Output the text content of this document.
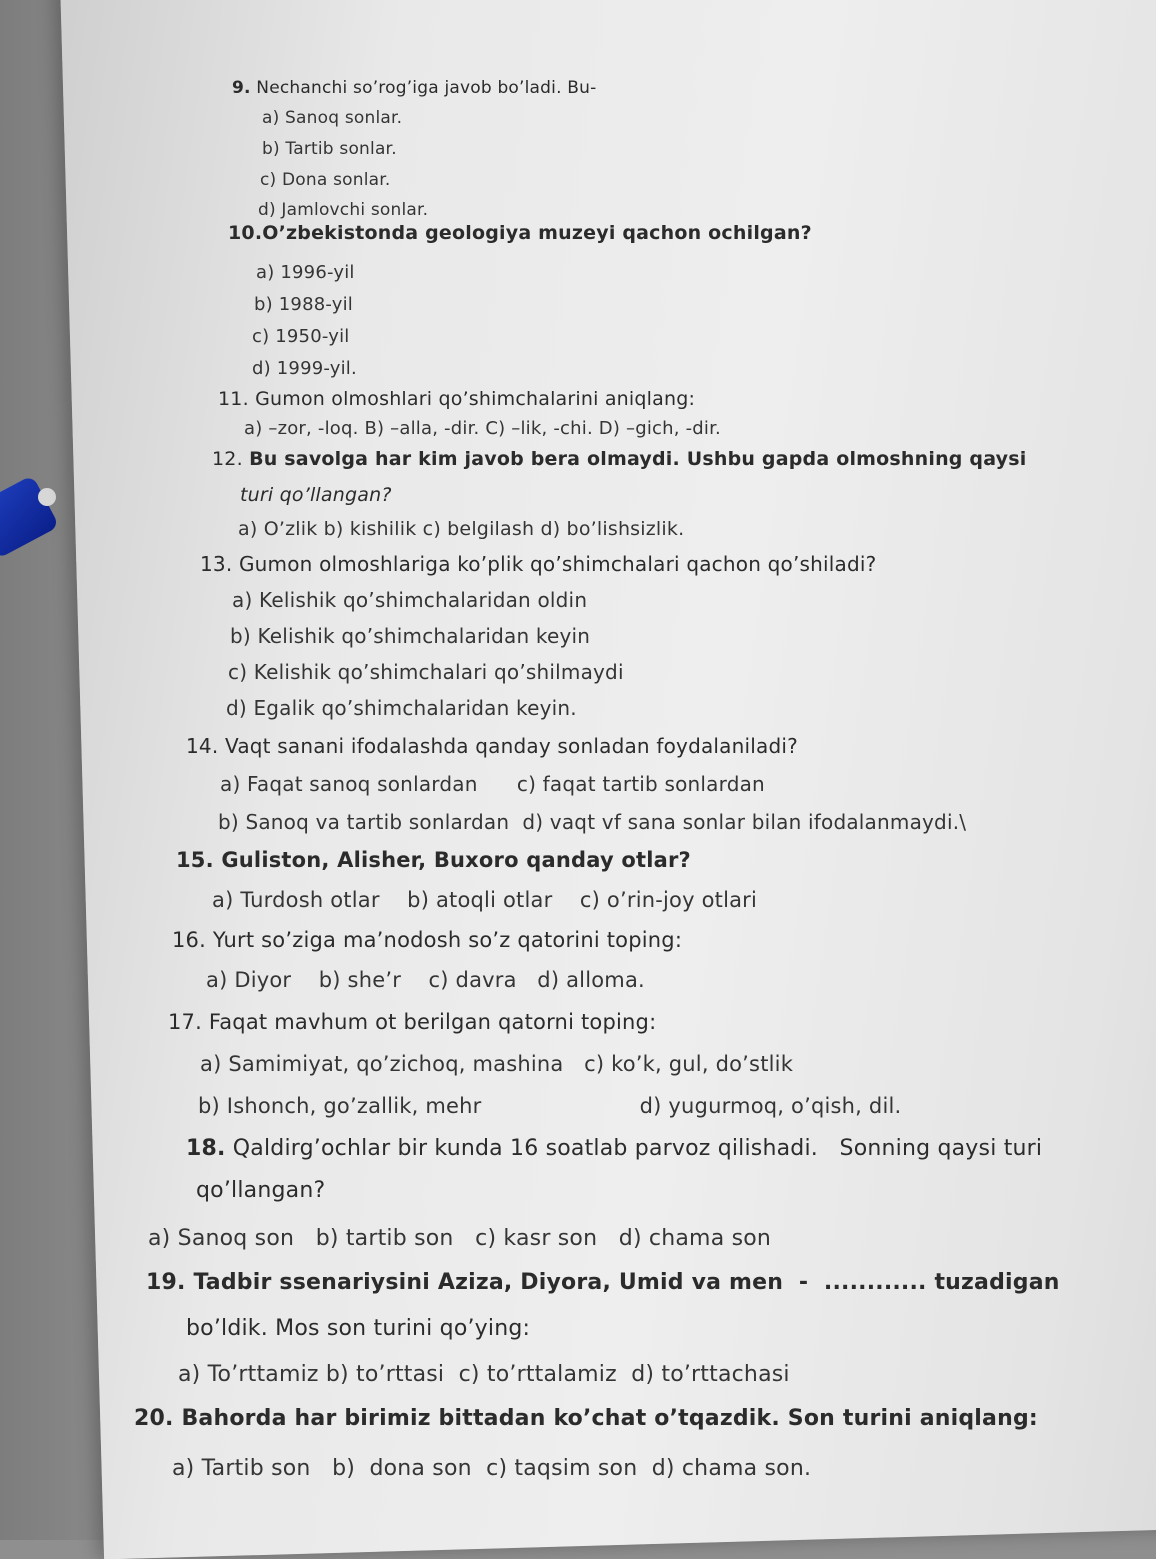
9. Nechanchi so’rog’iga javob bo’ladi. Bu-
a) Sanoq sonlar.
b) Tartib sonlar.
c) Dona sonlar.
d) Jamlovchi sonlar.
10.O’zbekistonda geologiya muzeyi qachon ochilgan?
a) 1996-yil
b) 1988-yil
c) 1950-yil
d) 1999-yil.
11. Gumon olmoshlari qo’shimchalarini aniqlang:
a) –zor, -loq. B) –alla, -dir. C) –lik, -chi. D) –gich, -dir.
12. Bu savolga har kim javob bera olmaydi. Ushbu gapda olmoshning qaysi
turi qo’llangan?
a) O’zlik b) kishilik c) belgilash d) bo’lishsizlik.
13. Gumon olmoshlariga ko’plik qo’shimchalari qachon qo’shiladi?
a) Kelishik qo’shimchalaridan oldin
b) Kelishik qo’shimchalaridan keyin
c) Kelishik qo’shimchalari qo’shilmaydi
d) Egalik qo’shimchalaridan keyin.
14. Vaqt sanani ifodalashda qanday sonladan foydalaniladi?
a) Faqat sanoq sonlardan      c) faqat tartib sonlardan
b) Sanoq va tartib sonlardan  d) vaqt vf sana sonlar bilan ifodalanmaydi.\
15. Guliston, Alisher, Buxoro qanday otlar?
a) Turdosh otlar    b) atoqli otlar    c) o’rin-joy otlari
16. Yurt so’ziga ma’nodosh so’z qatorini toping:
a) Diyor    b) she’r    c) davra   d) alloma.
17. Faqat mavhum ot berilgan qatorni toping:
a) Samimiyat, qo’zichoq, mashina   c) ko’k, gul, do’stlik
b) Ishonch, go’zallik, mehr                       d) yugurmoq, o’qish, dil.
18. Qaldirg’ochlar bir kunda 16 soatlab parvoz qilishadi.   Sonning qaysi turi
qo’llangan?
a) Sanoq son   b) tartib son   c) kasr son   d) chama son
19. Tadbir ssenariysini Aziza, Diyora, Umid va men  -  ............ tuzadigan
bo’ldik. Mos son turini qo’ying:
a) To’rttamiz b) to’rttasi  c) to’rttalamiz  d) to’rttachasi
20. Bahorda har birimiz bittadan ko’chat o’tqazdik. Son turini aniqlang:
a) Tartib son   b)  dona son  c) taqsim son  d) chama son.
